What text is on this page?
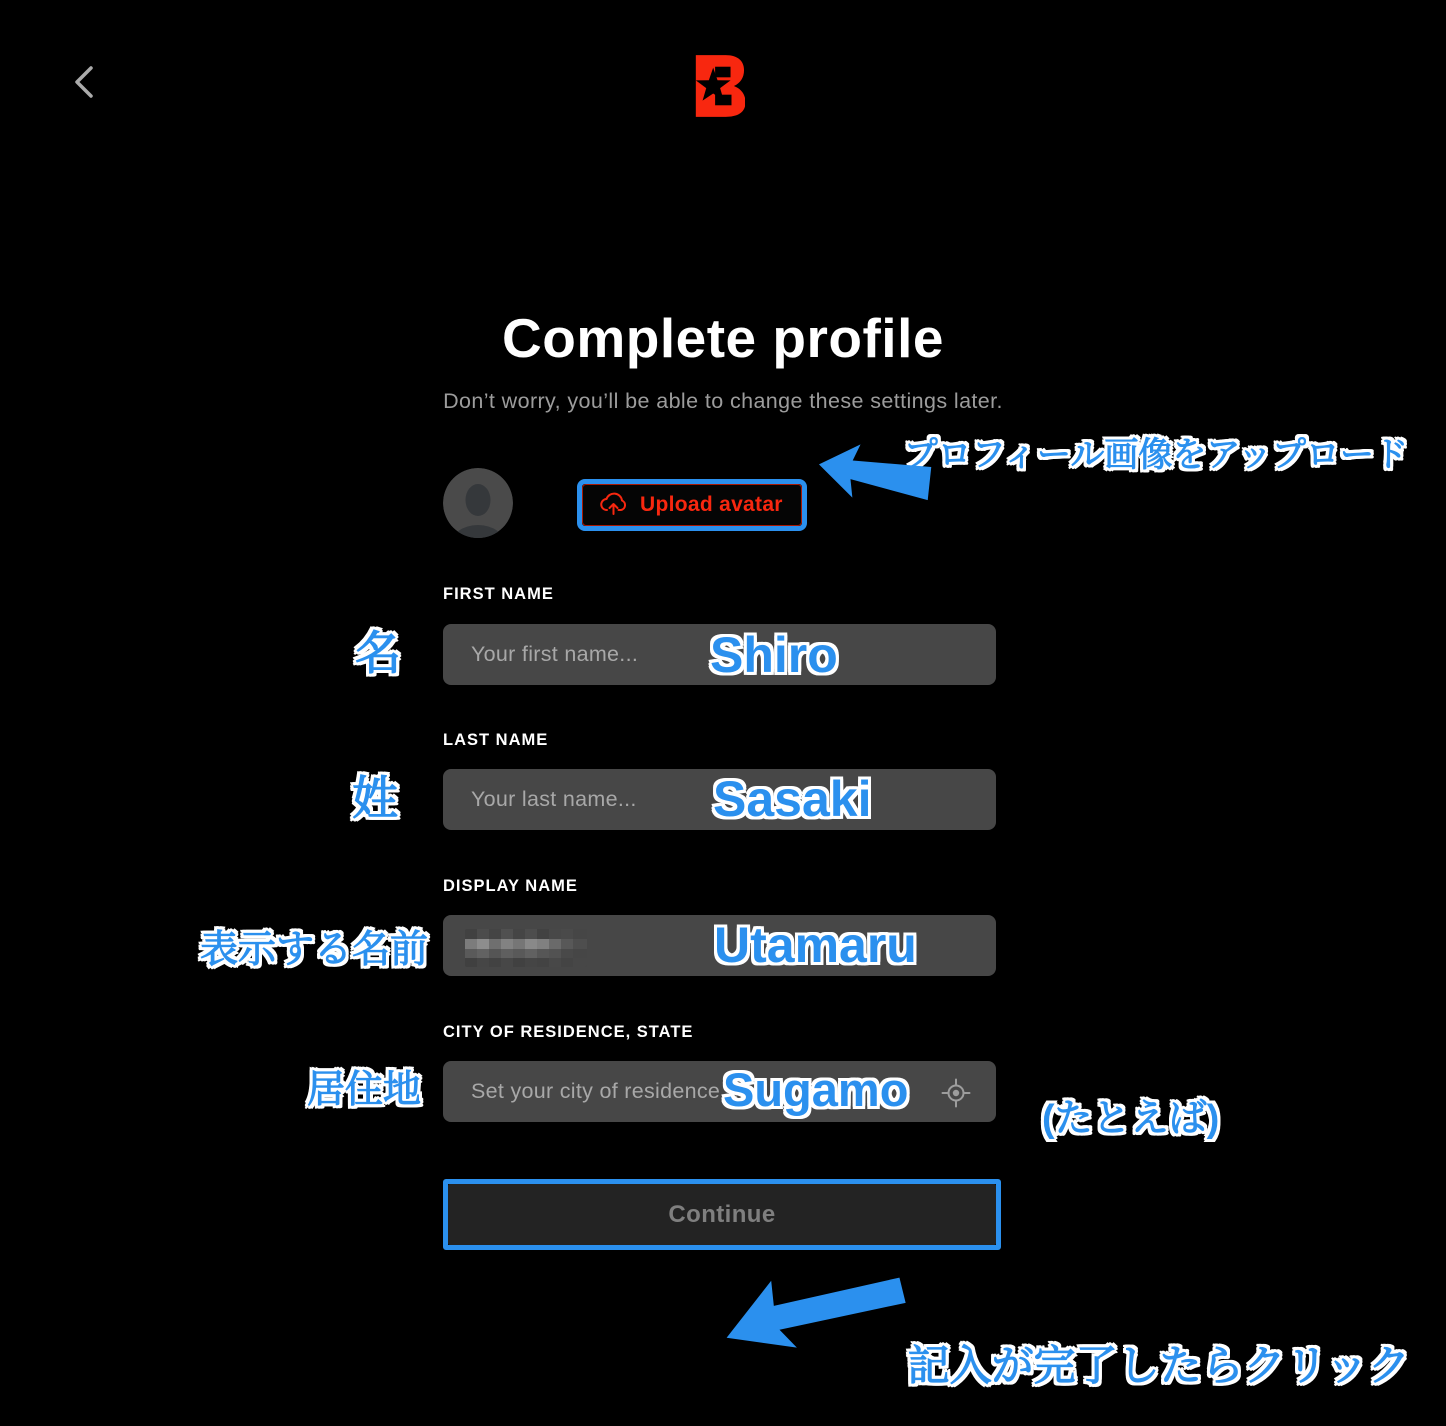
Complete profile

Don’t worry, you’ll be able to change these settings later.

Upload avatar
FIRST NAME
Your first name...
LAST NAME
Your last name...
DISPLAY NAME
CITY OF RESIDENCE, STATE
Set your city of residence...
Continue
プロフィール画像をアップロード
名
姓
表示する名前
居住地
Shiro
Sasaki
Utamaru
Sugamo
(たとえば)
記入が完了したらクリック
